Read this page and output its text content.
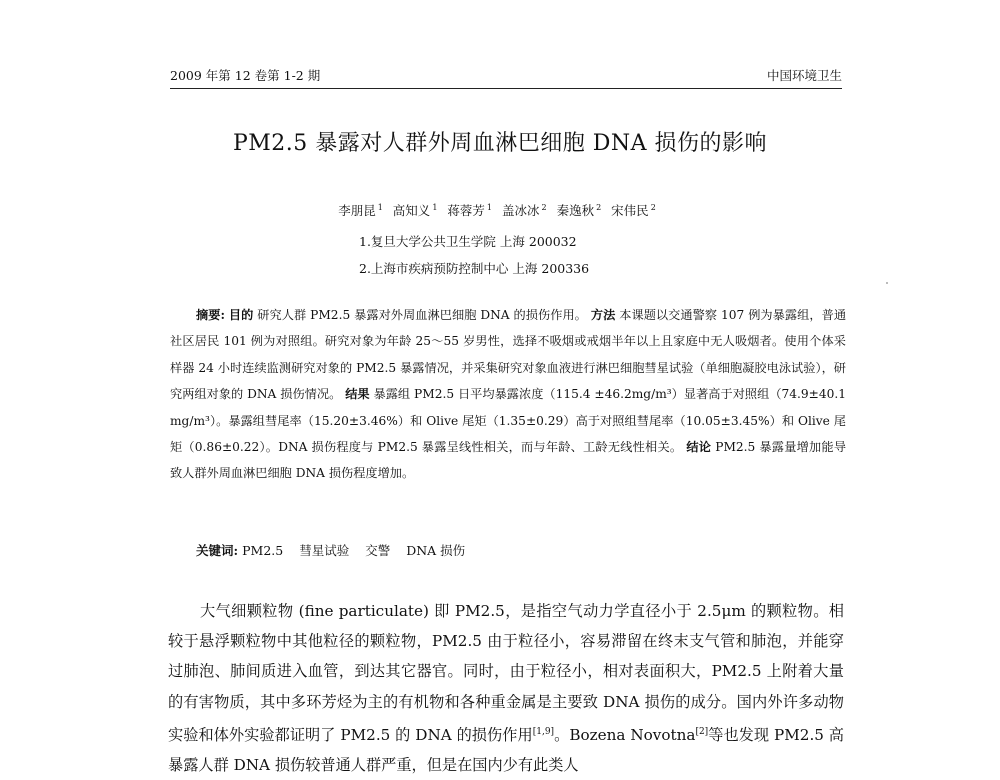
2009 年第 12 卷第 1-2 期	中国环境卫生
PM2.5 暴露对人群外周血淋巴细胞 DNA 损伤的影响
李朋昆 $^1$ 高知义 $^1$ 蒋蓉芳 $^1$ 盖冰冰 $^2$ 秦逸秋 $^2$ 宋伟民 $^2$
1.复旦大学公共卫生学院 上海 200032
2.上海市疾病预防控制中心 上海 200336
摘要: 目的 研究人群 PM2.5 暴露对外周血淋巴细胞 DNA 的损伤作用。 方法 本课题以交通警察 107 例为暴露组，普通社区居民 101 例为对照组。研究对象为年龄 25～55 岁男性，选择不吸烟或戒烟半年以上且家庭中无人吸烟者。使用个体采样器 24 小时连续监测研究对象的 PM2.5 暴露情况，并采集研究对象血液进行淋巴细胞彗星试验（单细胞凝胶电泳试验），研究两组对象的 DNA 损伤情况。 结果 暴露组 PM2.5 日平均暴露浓度（115.4 ±46.2mg/m³）显著高于对照组（74.9±40.1 mg/m³）。暴露组彗尾率（15.20±3.46%）和 Olive 尾矩（1.35±0.29）高于对照组彗尾率（10.05±3.45%）和 Olive 尾矩（0.86±0.22）。DNA 损伤程度与 PM2.5 暴露呈线性相关，而与年龄、工龄无线性相关。 结论 PM2.5 暴露量增加能导致人群外周血淋巴细胞 DNA 损伤程度增加。
关键词: PM2.5 彗星试验 交警 DNA 损伤
大气细颗粒物 (fine particulate) 即 PM2.5，是指空气动力学直径小于 2.5μm 的颗粒物。相较于悬浮颗粒物中其他粒径的颗粒物，PM2.5 由于粒径小，容易滞留在终末支气管和肺泡，并能穿过肺泡、肺间质进入血管，到达其它器官。同时，由于粒径小，相对表面积大，PM2.5 上附着大量的有害物质，其中多环芳烃为主的有机物和各种重金属是主要致 DNA 损伤的成分。国内外许多动物实验和体外实验都证明了 PM2.5 的 DNA 的损伤作用[1,9]。Bozena Novotna[2]等也发现 PM2.5 高暴露人群 DNA 损伤较普通人群严重，但是在国内少有此类人
